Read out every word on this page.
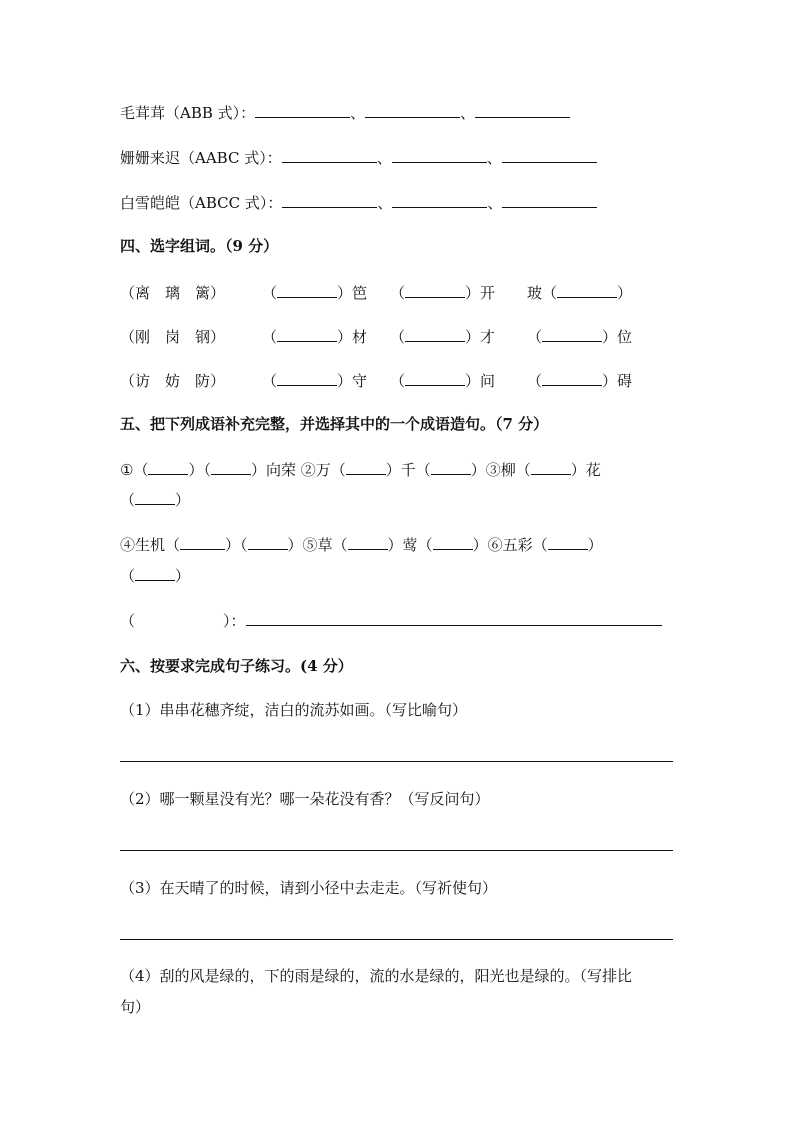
毛茸茸（ABB 式）：	、	、
姗姗来迟（AABC 式）：	、	、
白雪皑皑（ABCC 式）：	、	、
四、选字组词。（9 分）
（离　璃　篱） （	）笆 （	）开 玻（	）
（刚　岗　钢） （	）材 （	）才 （	）位
（访　妨　防） （	）守 （	）问 （	）碍
五、把下列成语补充完整，并选择其中的一个成语造句。（7 分）
①（	）（	）向荣 ②万（	）千（	）③柳（	）花
（	）
④生机（	）（	）⑤草（	）莺（	）⑥五彩（	）
（	）
（	）：
六、按要求完成句子练习。(4 分）
（1）串串花穗齐绽，洁白的流苏如画。（写比喻句）
（2）哪一颗星没有光？哪一朵花没有香？（写反问句）
（3）在天晴了的时候，请到小径中去走走。（写祈使句）
（4）刮的风是绿的，下的雨是绿的，流的水是绿的，阳光也是绿的。（写排比
句）
